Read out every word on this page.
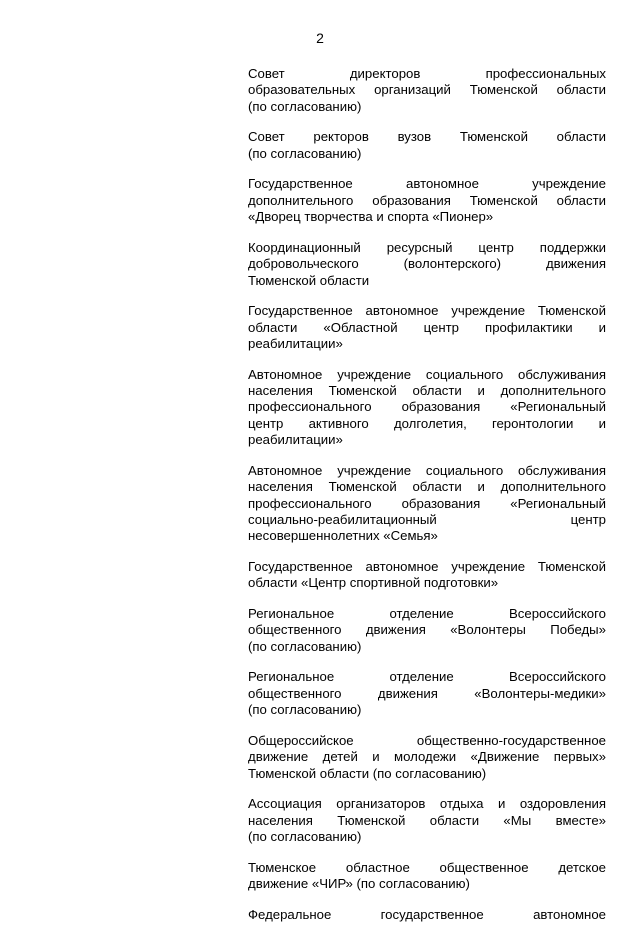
2
Совет директоров профессиональных
образовательных организаций Тюменской области
(по согласованию)
Совет ректоров вузов Тюменской области
(по согласованию)
Государственное автономное учреждение
дополнительного образования Тюменской области
«Дворец творчества и спорта «Пионер»
Координационный ресурсный центр поддержки
добровольческого (волонтерского) движения
Тюменской области
Государственное автономное учреждение Тюменской
области «Областной центр профилактики и
реабилитации»
Автономное учреждение социального обслуживания
населения Тюменской области и дополнительного
профессионального образования «Региональный
центр активного долголетия, геронтологии и
реабилитации»
Автономное учреждение социального обслуживания
населения Тюменской области и дополнительного
профессионального образования «Региональный
социально-реабилитационный центр
несовершеннолетних «Семья»
Государственное автономное учреждение Тюменской
области «Центр спортивной подготовки»
Региональное отделение Всероссийского
общественного движения «Волонтеры Победы»
(по согласованию)
Региональное отделение Всероссийского
общественного движения «Волонтеры-медики»
(по согласованию)
Общероссийское общественно-государственное
движение детей и молодежи «Движение первых»
Тюменской области (по согласованию)
Ассоциация организаторов отдыха и оздоровления
населения Тюменской области «Мы вместе»
(по согласованию)
Тюменское областное общественное детское
движение «ЧИР» (по согласованию)
Федеральное государственное автономное
